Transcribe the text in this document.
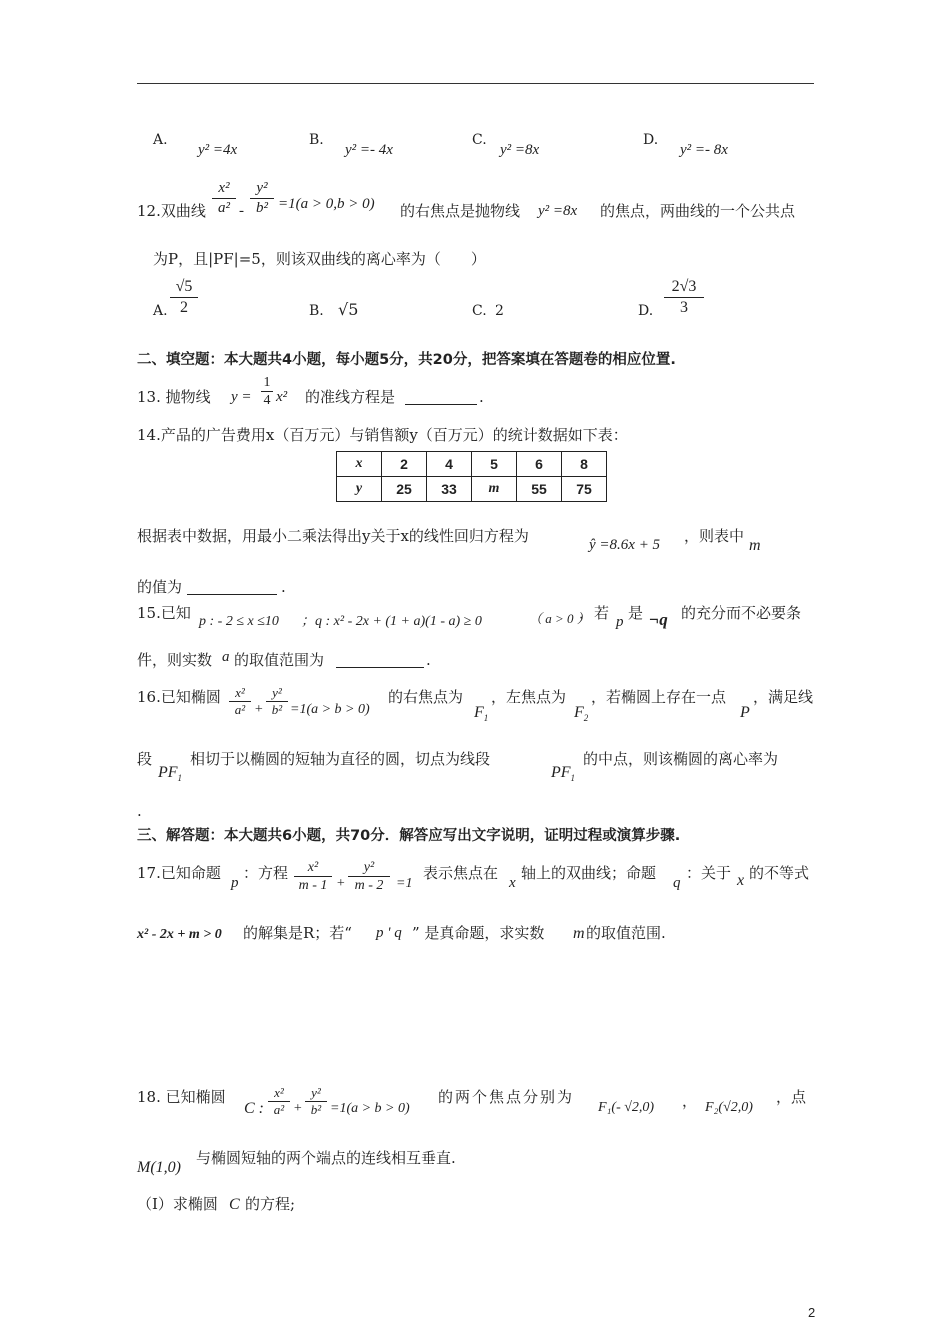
A.
y² =4x
B.
y² =- 4x
C.
y² =8x
D.
y² =- 8x
12.双曲线
x²
a² -
y²
b² =1(a > 0,b > 0) 的右焦点是抛物线 y² =8x 的焦点，两曲线的一个公共点
为P，且|PF|=5，则该双曲线的离心率为（　　）
A.
√5
2	B. √5	C. 2	D.
2√3
3
二、填空题：本大题共4小题，每小题5分，共20分，把答案填在答题卷的相应位置.
13. 抛物线 y =
1
4 x² 的准线方程是	.
14.产品的广告费用x（百万元）与销售额y（百万元）的统计数据如下表：
x	2	4	5	6	8
y	25	33	m	55	75
根据表中数据，用最小二乘法得出y关于x的线性回归方程为	ŷ =8.6x + 5 ，则表中
m
的值为	.
15.已知 p : - 2 ≤ x ≤10 ；q : x² - 2x + (1 + a)(1 - a) ≥ 0	（ a > 0 ）
，若 p 是 ¬q 的充分而不必要条
件，则实数 a 的取值范围为	.
16.已知椭圆	x²
a² +
y²
b² =1(a > b > 0)
的右焦点为
$F_1$
，左焦点为
$F_2$
，若椭圆上存在一点
P
，满足线
段
$PF_1$
相切于以椭圆的短轴为直径的圆，切点为线段
$PF_1$
的中点，则该椭圆的离心率为
.
三、解答题：本大题共6小题，共70分．解答应写出文字说明，证明过程或演算步骤.
17.已知命题
p
：方程	x²
m - 1 +
y²
m - 2 =1
表示焦点在
x
轴上的双曲线；命题
q
：关于 x 的不等式
x² - 2x + m > 0 的解集是R；若“ p ' q ” 是真命题，求实数 m 的取值范围.
18. 已知椭圆
C :
x²
a² +
y²
b² =1(a > b > 0)
的两个焦点分别为
F₁(- √2,0) ， F₂(√2,0)
，点
M(1,0)
与椭圆短轴的两个端点的连线相互垂直.
（Ⅰ）求椭圆 C 的方程;
2
